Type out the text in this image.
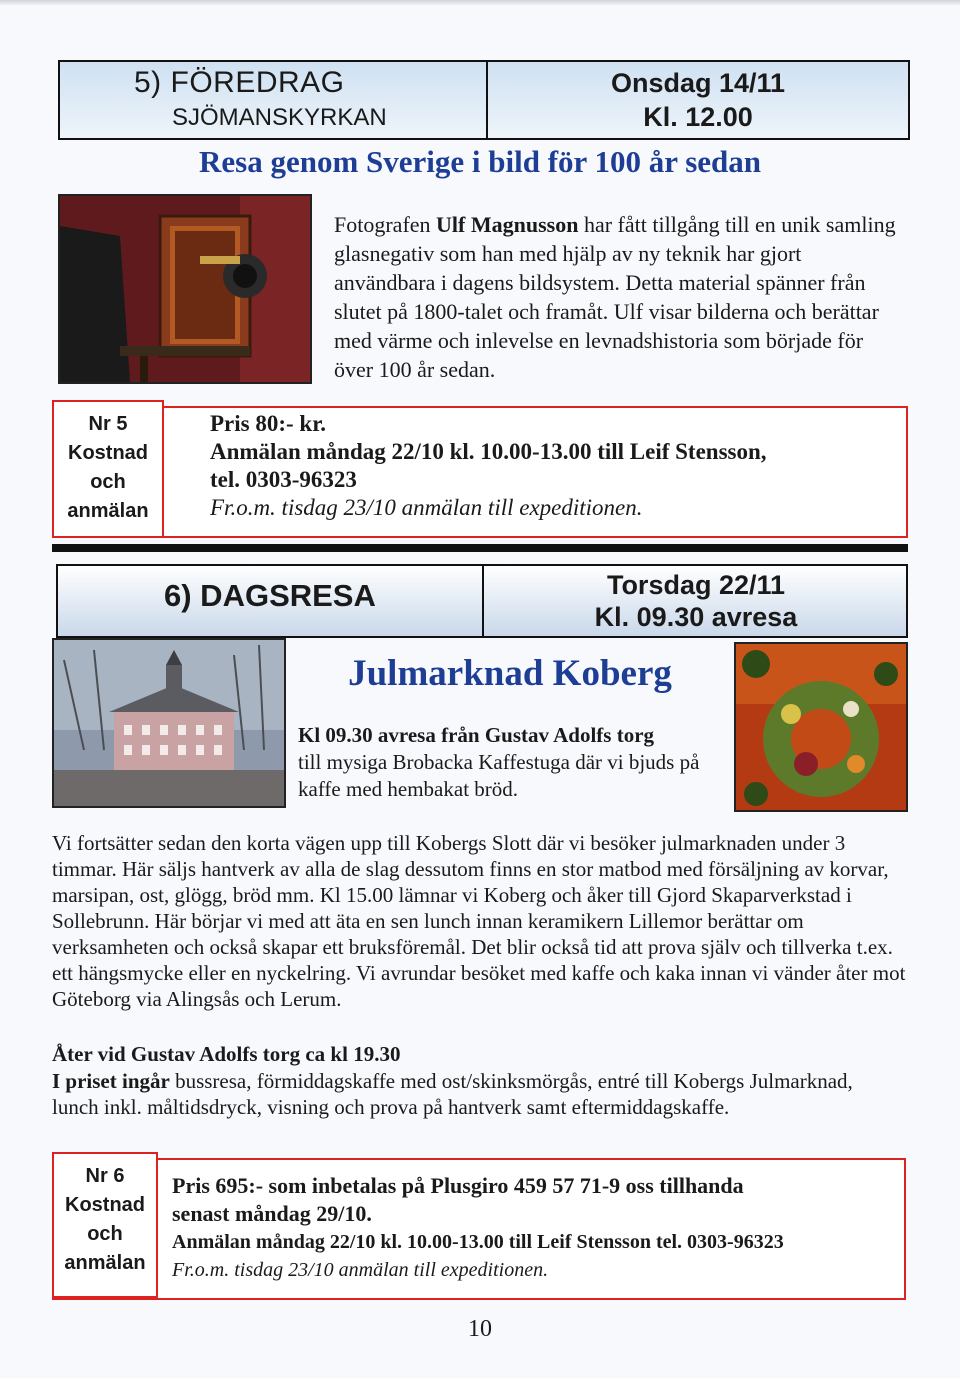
5) FÖREDRAG
SJÖMANSKYRKAN
Onsdag 14/11
Kl. 12.00
Resa genom Sverige i bild för 100 år sedan
Fotografen Ulf Magnusson har fått tillgång till en unik samling glasnegativ som han med hjälp av ny teknik har gjort användbara i dagens bildsystem. Detta material spänner från slutet på 1800-talet och framåt. Ulf visar bilderna och berättar med värme och inlevelse en levnadshistoria som började för över 100 år sedan.
Nr 5
Kostnad
och
anmälan
Pris 80:- kr.
Anmälan måndag 22/10 kl. 10.00-13.00 till Leif Stensson,
tel. 0303-96323
Fr.o.m. tisdag 23/10 anmälan till expeditionen.
6) DAGSRESA	Torsdag 22/11
Kl. 09.30 avresa
Julmarknad Koberg
Kl 09.30 avresa från Gustav Adolfs torg
till mysiga Brobacka Kaffestuga där vi bjuds på kaffe med hembakat bröd.
Vi fortsätter sedan den korta vägen upp till Kobergs Slott där vi besöker julmarknaden under 3 timmar. Här säljs hantverk av alla de slag dessutom finns en stor matbod med försäljning av korvar, marsipan, ost, glögg, bröd mm. Kl 15.00 lämnar vi Koberg och åker till Gjord Skaparverkstad i Sollebrunn. Här börjar vi med att äta en sen lunch innan keramikern Lillemor berättar om verksamheten och också skapar ett bruksföremål. Det blir också tid att prova själv och tillverka t.ex. ett hängsmycke eller en nyckelring. Vi avrundar besöket med kaffe och kaka innan vi vänder åter mot Göteborg via Alingsås och Lerum.
Åter vid Gustav Adolfs torg ca kl 19.30
I priset ingår bussresa, förmiddagskaffe med ost/skinksmörgås, entré till Kobergs Julmarknad, lunch inkl. måltidsdryck, visning och prova på hantverk samt eftermiddagskaffe.
Nr 6
Kostnad
och
anmälan
Pris 695:- som inbetalas på Plusgiro 459 57 71-9 oss tillhanda
senast måndag 29/10.
Anmälan måndag 22/10 kl. 10.00-13.00 till Leif Stensson tel. 0303-96323
Fr.o.m. tisdag 23/10 anmälan till expeditionen.
10
